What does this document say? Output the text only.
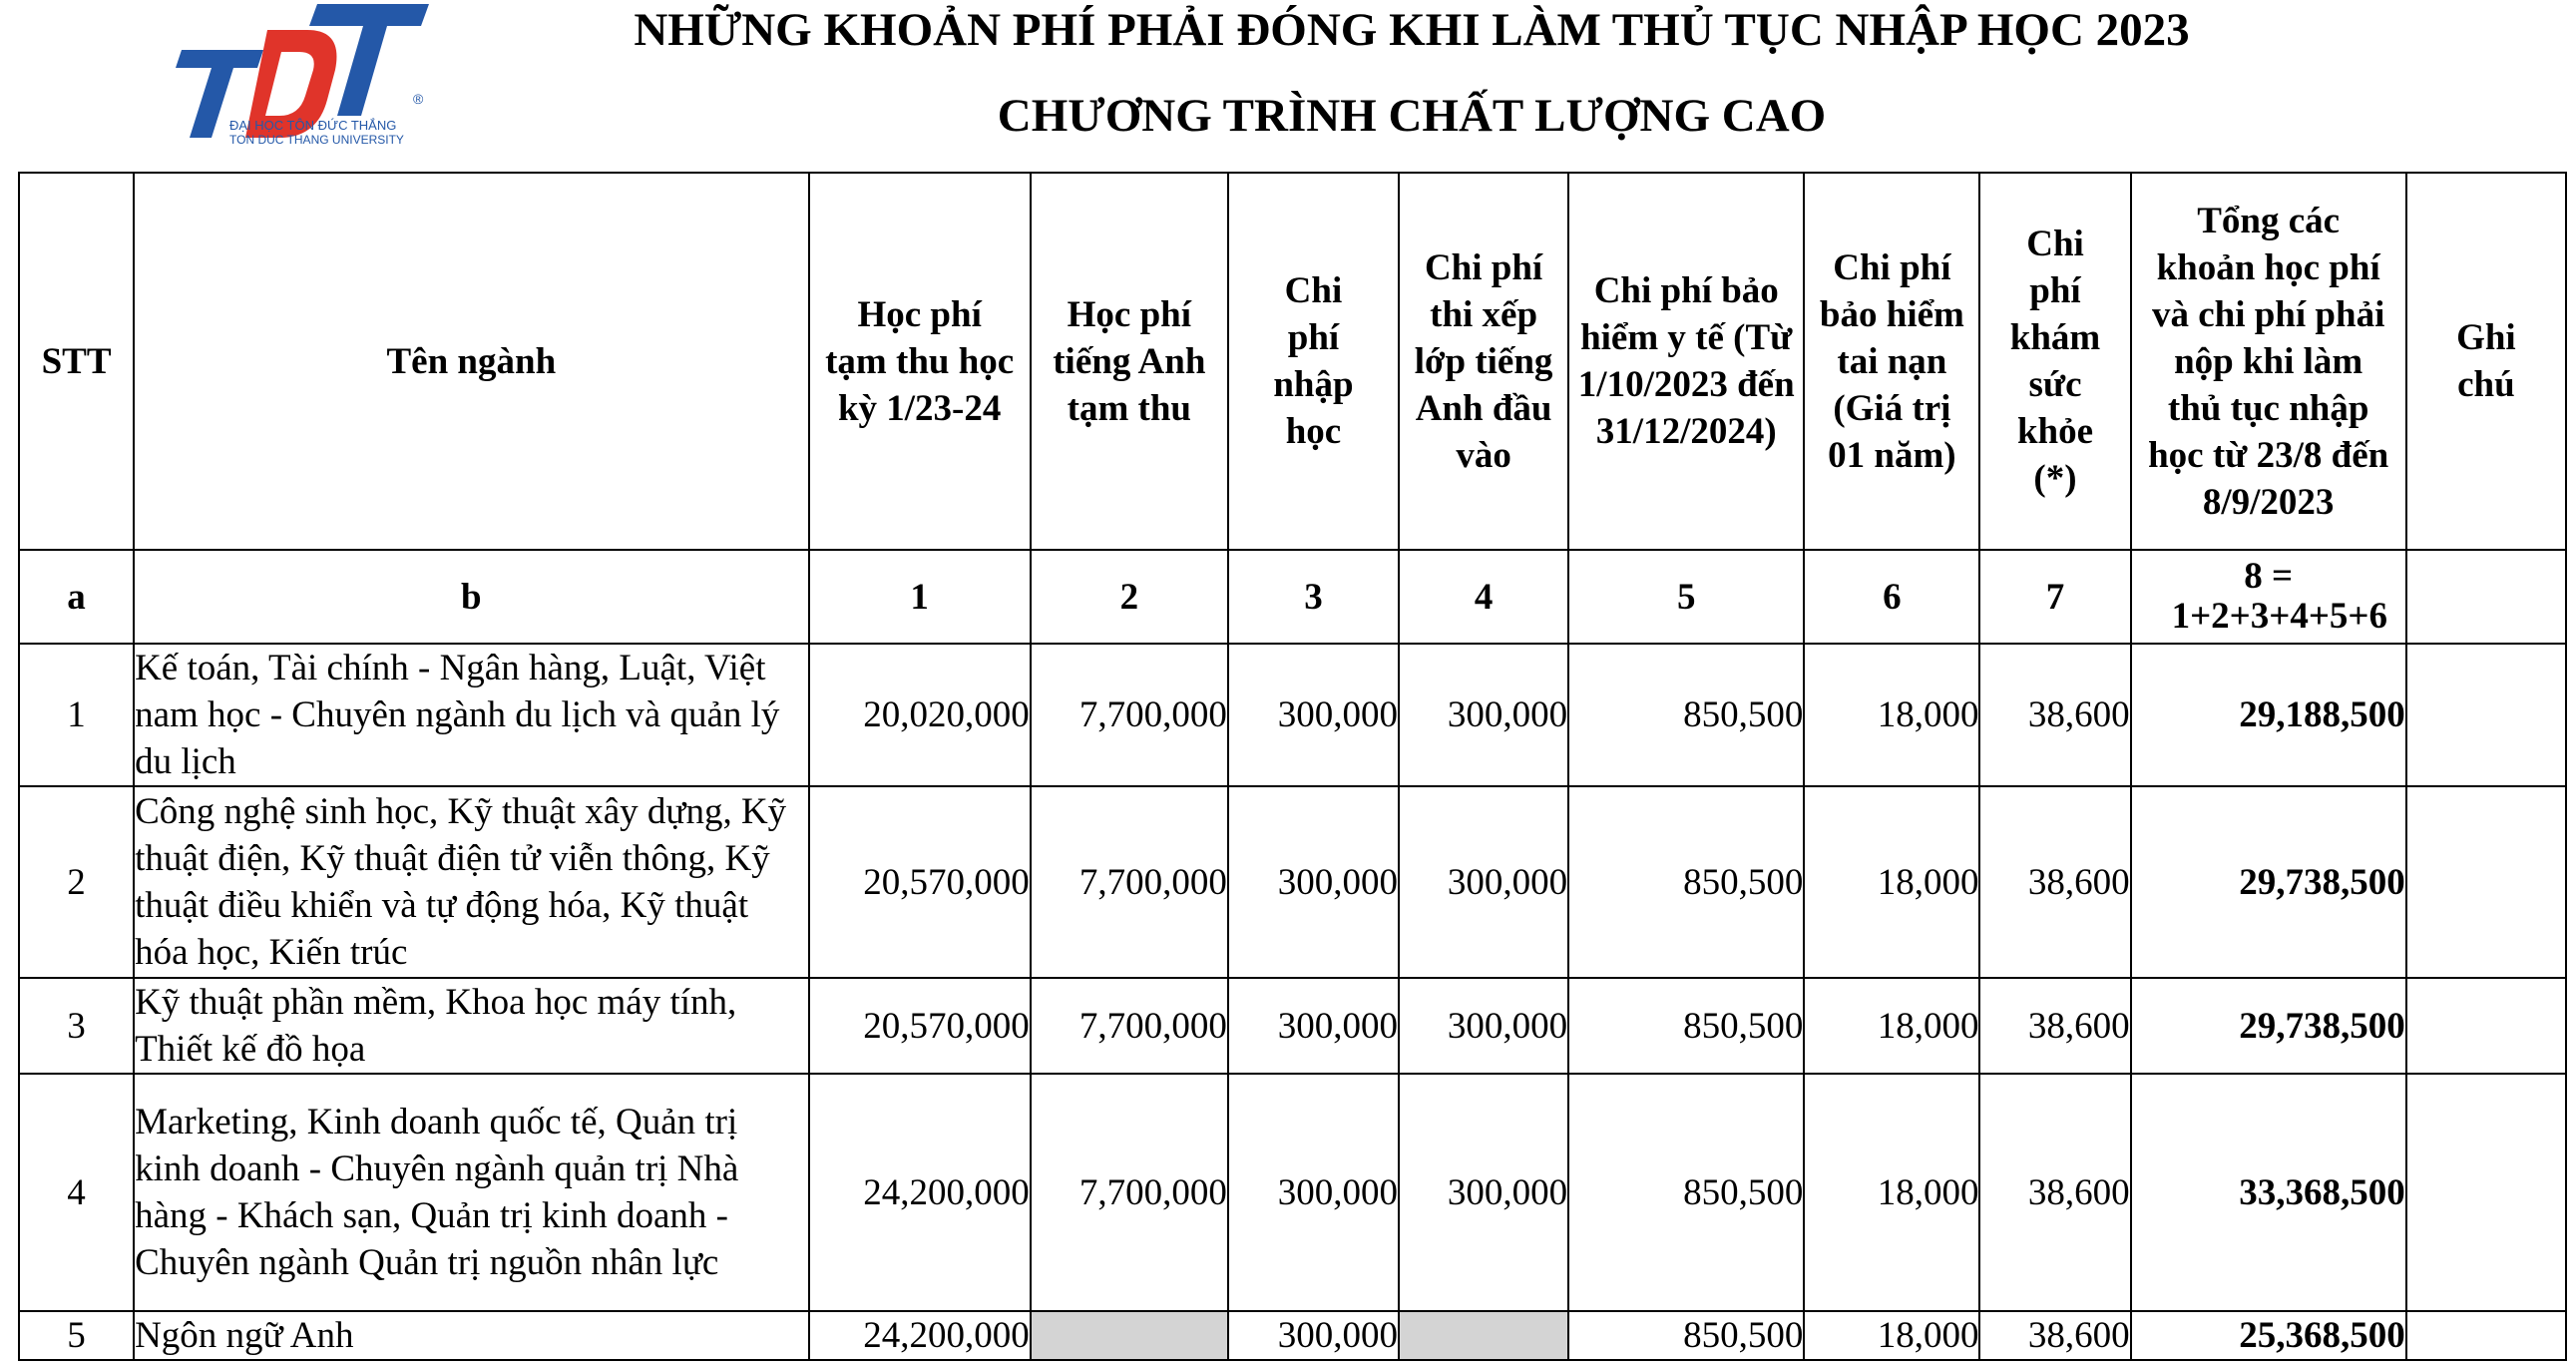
®
ĐẠI HỌC TÔN ĐỨC THẮNG
TON DUC THANG UNIVERSITY
NHỮNG KHOẢN PHÍ PHẢI ĐÓNG KHI LÀM THỦ TỤC NHẬP HỌC 2023
CHƯƠNG TRÌNH CHẤT LƯỢNG CAO
STT	Tên ngành	Học phí tạm thu học kỳ 1/23-24	Học phí tiếng Anh tạm thu	Chi phí nhập học	Chi phí thi xếp lớp tiếng Anh đầu vào	Chi phí bảo hiểm y tế (Từ 1/10/2023 đến 31/12/2024)	Chi phí bảo hiểm tai nạn (Giá trị 01 năm)	Chi phí khám sức khỏe (*)	Tổng các khoản học phí và chi phí phải nộp khi làm thủ tục nhập học từ 23/8 đến 8/9/2023	Ghi chú
a	b	1	2	3	4	5	6	7	8 = 1+2+3+4+5+6	
1	Kế toán, Tài chính - Ngân hàng, Luật, Việt nam học - Chuyên ngành du lịch và quản lý du lịch	20,020,000	7,700,000	300,000	300,000	850,500	18,000	38,600	29,188,500	
2	Công nghệ sinh học, Kỹ thuật xây dựng, Kỹ thuật điện, Kỹ thuật điện tử viễn thông, Kỹ thuật điều khiển và tự động hóa, Kỹ thuật hóa học, Kiến trúc	20,570,000	7,700,000	300,000	300,000	850,500	18,000	38,600	29,738,500	
3	Kỹ thuật phần mềm, Khoa học máy tính, Thiết kế đồ họa	20,570,000	7,700,000	300,000	300,000	850,500	18,000	38,600	29,738,500	
4	Marketing, Kinh doanh quốc tế, Quản trị kinh doanh - Chuyên ngành quản trị Nhà hàng - Khách sạn, Quản trị kinh doanh - Chuyên ngành Quản trị nguồn nhân lực	24,200,000	7,700,000	300,000	300,000	850,500	18,000	38,600	33,368,500	
5	Ngôn ngữ Anh	24,200,000		300,000		850,500	18,000	38,600	25,368,500	
